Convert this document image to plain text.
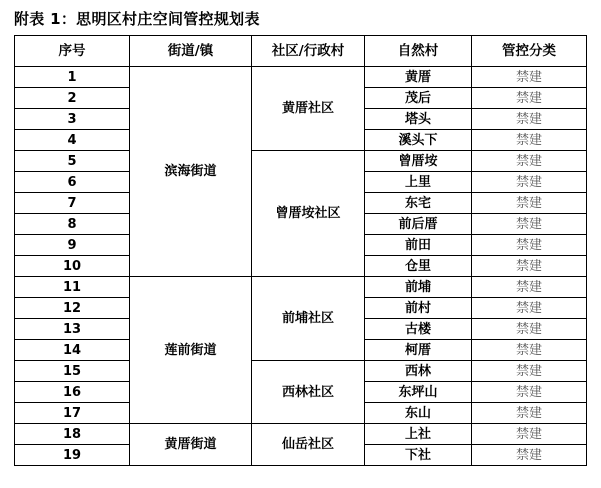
附表 1：思明区村庄空间管控规划表
序号	街道/镇	社区/行政村	自然村	管控分类
1	滨海街道	黄厝社区	黄厝	禁建
2			茂后	禁建
3			塔头	禁建
4			溪头下	禁建
5		曾厝垵社区	曾厝垵	禁建
6			上里	禁建
7			东宅	禁建
8			前后厝	禁建
9			前田	禁建
10			仓里	禁建
11	莲前街道	前埔社区	前埔	禁建
12			前村	禁建
13			古楼	禁建
14			柯厝	禁建
15		西林社区	西林	禁建
16			东坪山	禁建
17			东山	禁建
18	黄厝街道	仙岳社区	上社	禁建
19			下社	禁建
